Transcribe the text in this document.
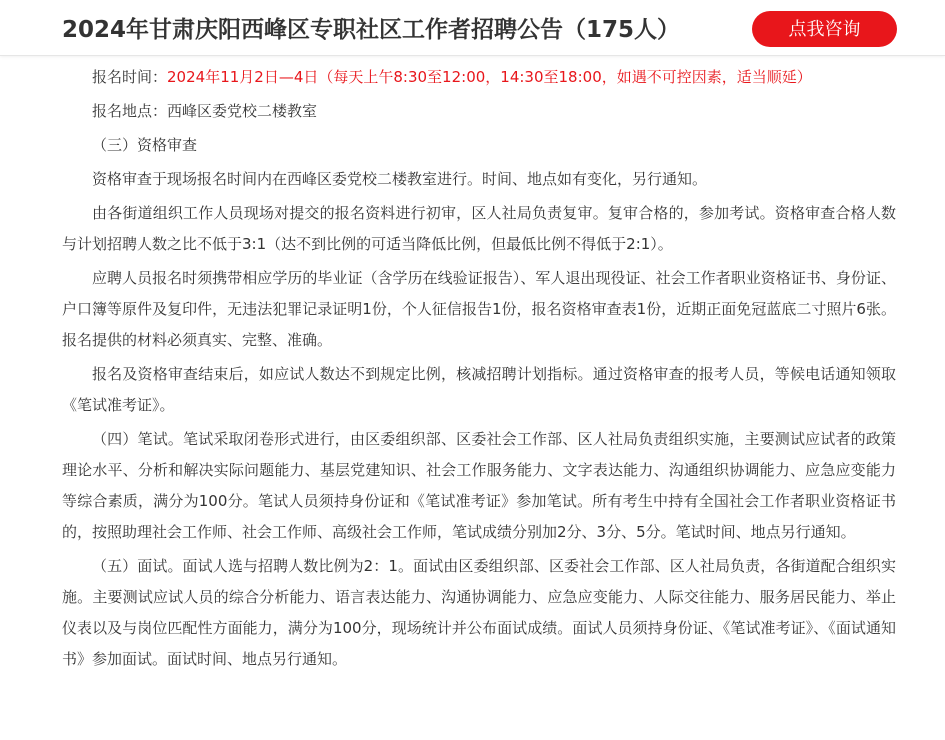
2024年甘肃庆阳西峰区专职社区工作者招聘公告（175人）	点我咨询

报名时间：2024年11月2日—4日（每天上午8:30至12:00，14:30至18:00，如遇不可控因素，适当顺延）

报名地点：西峰区委党校二楼教室

（三）资格审查

资格审查于现场报名时间内在西峰区委党校二楼教室进行。时间、地点如有变化，另行通知。

由各街道组织工作人员现场对提交的报名资料进行初审，区人社局负责复审。复审合格的，参加考试。资格审查合格人数与计划招聘人数之比不低于3:1（达不到比例的可适当降低比例，但最低比例不得低于2:1）。

应聘人员报名时须携带相应学历的毕业证（含学历在线验证报告）、军人退出现役证、社会工作者职业资格证书、身份证、户口簿等原件及复印件，无违法犯罪记录证明1份，个人征信报告1份，报名资格审查表1份，近期正面免冠蓝底二寸照片6张。报名提供的材料必须真实、完整、准确。

报名及资格审查结束后，如应试人数达不到规定比例，核减招聘计划指标。通过资格审查的报考人员，等候电话通知领取《笔试准考证》。

（四）笔试。笔试采取闭卷形式进行，由区委组织部、区委社会工作部、区人社局负责组织实施，主要测试应试者的政策理论水平、分析和解决实际问题能力、基层党建知识、社会工作服务能力、文字表达能力、沟通组织协调能力、应急应变能力等综合素质，满分为100分。笔试人员须持身份证和《笔试准考证》参加笔试。所有考生中持有全国社会工作者职业资格证书的，按照助理社会工作师、社会工作师、高级社会工作师，笔试成绩分别加2分、3分、5分。笔试时间、地点另行通知。

（五）面试。面试人选与招聘人数比例为2：1。面试由区委组织部、区委社会工作部、区人社局负责，各街道配合组织实施。主要测试应试人员的综合分析能力、语言表达能力、沟通协调能力、应急应变能力、人际交往能力、服务居民能力、举止仪表以及与岗位匹配性方面能力，满分为100分，现场统计并公布面试成绩。面试人员须持身份证、《笔试准考证》、《面试通知书》参加面试。面试时间、地点另行通知。
